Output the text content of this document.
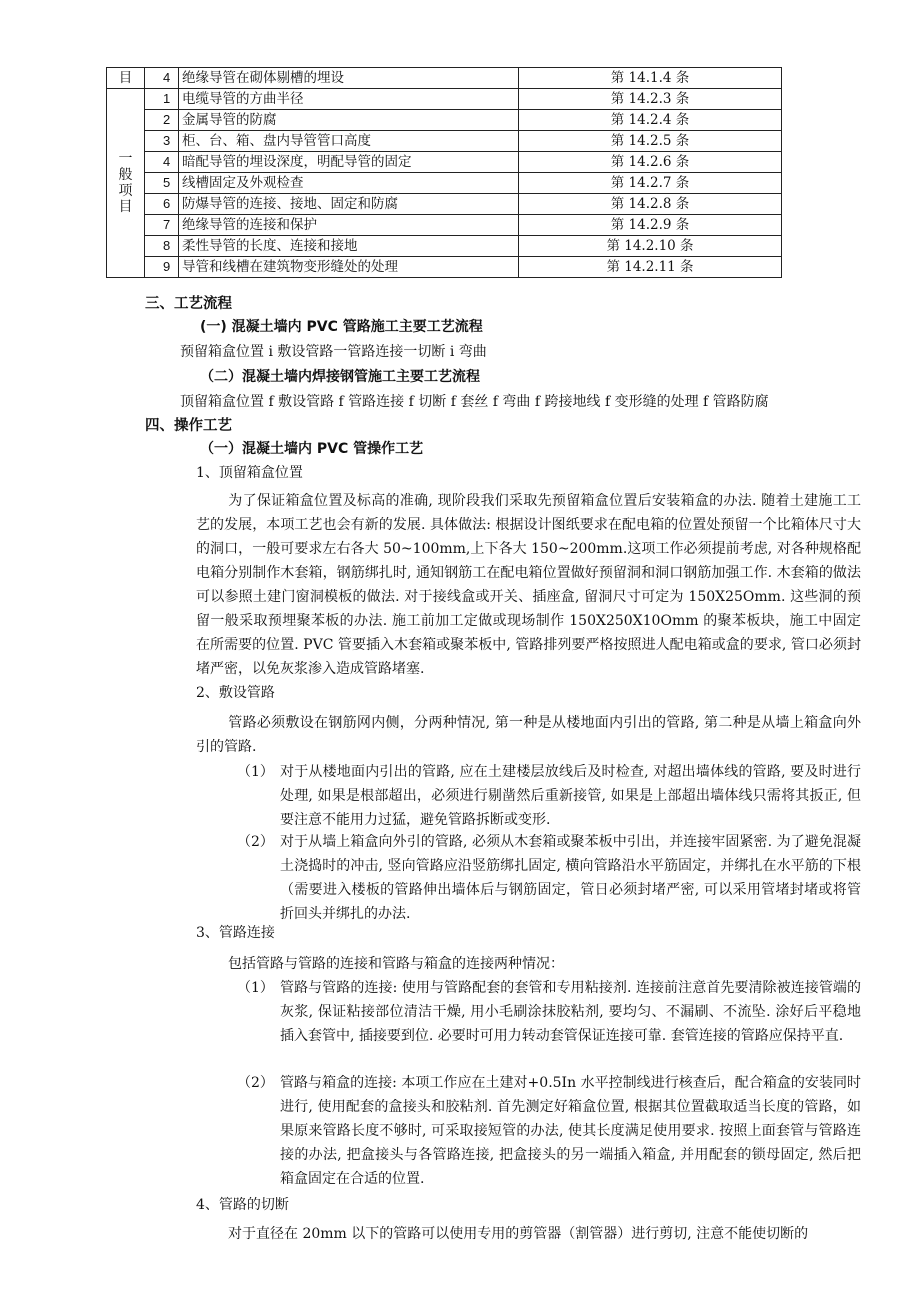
目	4	绝缘导管在砌体剔槽的埋设	第 14.1.4 条
一般项目	1	电缆导管的方曲半径	第 14.2.3 条
	2	金属导管的防腐	第 14.2.4 条
	3	柜、台、箱、盘内导管管口高度	第 14.2.5 条
	4	暗配导管的埋设深度，明配导管的固定	第 14.2.6 条
	5	线槽固定及外观检查	第 14.2.7 条
	6	防爆导管的连接、接地、固定和防腐	第 14.2.8 条
	7	绝缘导管的连接和保护	第 14.2.9 条
	8	柔性导管的长度、连接和接地	第 14.2.10 条
	9	导管和线槽在建筑物变形缝处的处理	第 14.2.11 条
三、工艺流程
(一) 混凝土墙内 PVC 管路施工主要工艺流程
预留箱盒位置 i 敷设管路一管路连接一切断 i 弯曲
（二）混凝土墙内焊接钢管施工主要工艺流程
顶留箱盒位置 f 敷设管路 f 管路连接 f 切断 f 套丝 f 弯曲 f 跨接地线 f 变形缝的处理 f 管路防腐
四、操作工艺
（一）混凝土墙内 PVC 管操作工艺
1、顶留箱盒位置
为了保证箱盒位置及标高的准确, 现阶段我们采取先预留箱盒位置后安装箱盒的办法. 随着土建施工工艺的发展，本项工艺也会有新的发展. 具体做法: 根据设计图纸要求在配电箱的位置处预留一个比箱体尺寸大的洞口，一般可要求左右各大 50~100mm,上下各大 150~200mm.这项工作必须提前考虑, 对各种规格配电箱分别制作木套箱，钢筋绑扎时, 通知钢筋工在配电箱位置做好预留洞和洞口钢筋加强工作. 木套箱的做法可以参照土建门窗洞模板的做法. 对于接线盒或开关、插座盒, 留洞尺寸可定为 150X25Omm. 这些洞的预留一般采取预埋聚苯板的办法. 施工前加工定做或现场制作 150X250X10Omm 的聚苯板块，施工中固定在所需要的位置. PVC 管要插入木套箱或聚苯板中, 管路排列要严格按照进人配电箱或盒的要求, 管口必须封堵严密，以免灰浆渗入造成管路堵塞.
2、敷设管路
管路必须敷设在钢筋网内侧，分两种情况, 第一种是从楼地面内引出的管路, 第二种是从墙上箱盒向外引的管路.
（1） 对于从楼地面内引出的管路, 应在土建楼层放线后及时检查, 对超出墙体线的管路, 要及时进行处理, 如果是根部超出，必须进行剔凿然后重新接管, 如果是上部超出墙体线只需将其扳正, 但要注意不能用力过猛，避免管路拆断或变形.
（2） 对于从墙上箱盒向外引的管路, 必须从木套箱或聚苯板中引出，并连接牢固紧密. 为了避免混凝土浇捣时的冲击, 竖向管路应沿竖筋绑扎固定, 横向管路沿水平筋固定，并绑扎在水平筋的下根（需要进入楼板的管路伸出墙体后与钢筋固定，管日必须封堵严密, 可以采用管堵封堵或将管折回头并绑扎的办法.
3、管路连接
包括管路与管路的连接和管路与箱盒的连接两种情况：
（1） 管路与管路的连接: 使用与管路配套的套管和专用粘接剂. 连接前注意首先要清除被连接管端的灰浆, 保证粘接部位清洁干燥, 用小毛刷涂抹胶粘剂, 要均匀、不漏刷、不流坠. 涂好后平稳地插入套管中, 插接要到位. 必要时可用力转动套管保证连接可靠. 套管连接的管路应保持平直.
（2） 管路与箱盒的连接: 本项工作应在土建对+0.5In 水平控制线进行核查后，配合箱盒的安装同时进行, 使用配套的盒接头和胶粘剂. 首先测定好箱盒位置, 根据其位置截取适当长度的管路，如果原来管路长度不够时, 可采取接短管的办法, 使其长度满足使用要求. 按照上面套管与管路连接的办法, 把盒接头与各管路连接, 把盒接头的另一端插入箱盒, 并用配套的锁母固定, 然后把箱盒固定在合适的位置.
4、管路的切断
对于直径在 20mm 以下的管路可以使用专用的剪管器（割管器）进行剪切, 注意不能使切断的
